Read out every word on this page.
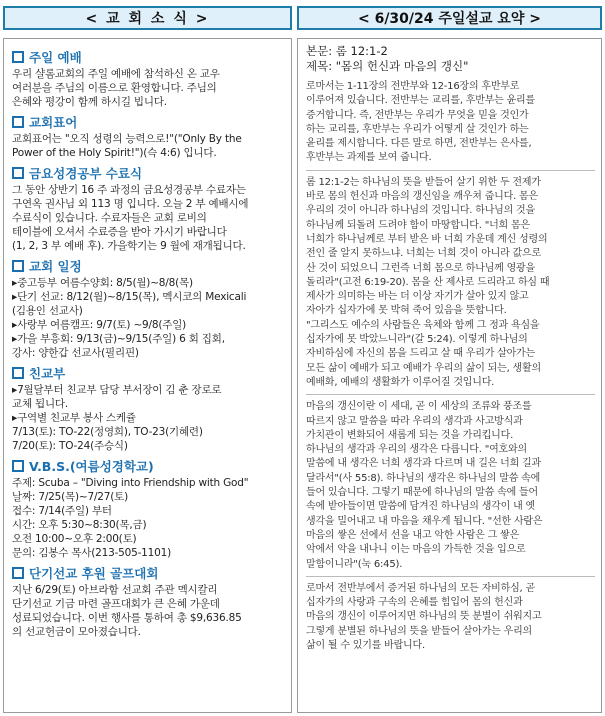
< 교 회 소 식 >	< 6/30/24 주일설교 요약 >
주일 예배
우리 샬롬교회의 주일 예배에 참석하신 온 교우
여러분을 주님의 이름으로 환영합니다. 주님의
은혜와 평강이 함께 하시길 빕니다.
교회표어
교회표어는 "오직 성령의 능력으로!"("Only By the
Power of the Holy Spirit!")(슥 4:6) 입니다.
금요성경공부 수료식
그 동안 상반기 16 주 과정의 금요성경공부 수료자는
구연옥 권사님 외 113 명 입니다. 오늘 2 부 예배시에
수료식이 있습니다. 수료자들은 교회 로비의
테이블에 오셔서 수료증을 받아 가시기 바랍니다
(1, 2, 3 부 예배 후). 가을학기는 9 월에 재개됩니다.
교회 일정
▸중고등부 여름수양회: 8/5(월)~8/8(목)
▸단기 선교: 8/12(월)~8/15(목), 멕시코의 Mexicali
(김용인 선교사)
▸사랑부 여름캠프: 9/7(토) ~9/8(주일)
▸가을 부흥회: 9/13(금)~9/15(주일) 6 회 집회,
강사: 양한갑 선교사(필리핀)
친교부
▸7월달부터 친교부 담당 부서장이 김 춘 장로로
교체 됩니다.
▸구역별 친교부 봉사 스케쥴
7/13(토): TO-22(정영희), TO-23(기혜련)
7/20(토): TO-24(주승식)
V.B.S.(여름성경학교)
주제: Scuba – "Diving into Friendship with God"
날짜: 7/25(목)~7/27(토)
접수: 7/14(주일) 부터
시간: 오후 5:30~8:30(목,금)
오전 10:00~오후 2:00(토)
문의: 김봉수 목사(213-505-1101)
단기선교 후원 골프대회
지난 6/29(토) 아브라함 선교회 주관 멕시칼리
단기선교 기금 마련 골프대회가 큰 은혜 가운데
성료되었습니다. 이번 행사를 통하여 총 $9,636.85
의 선교헌금이 모아졌습니다.
본문: 롬 12:1-2
제목: "몸의 헌신과 마음의 갱신"
로마서는 1-11장의 전반부와 12-16장의 후반부로
이루어져 있습니다. 전반부는 교리를, 후반부는 윤리를
증거합니다. 즉, 전반부는 우리가 무엇을 믿을 것인가
하는 교리를, 후반부는 우리가 어떻게 살 것인가 하는
윤리를 제시합니다. 다른 말로 하면, 전반부는 은사를,
후반부는 과제를 보여 줍니다.
롬 12:1-2는 하나님의 뜻을 받들어 살기 위한 두 전제가
바로 몸의 헌신과 마음의 갱신임을 깨우쳐 줍니다. 몸은
우리의 것이 아니라 하나님의 것입니다. 하나님의 것을
하나님께 되돌려 드려야 함이 마땅합니다. "너희 몸은
너희가 하나님께로 부터 받은 바 너희 가운데 계신 성령의
전인 줄 알지 못하느냐. 너희는 너희 것이 아니라 값으로
산 것이 되었으니 그런즉 너희 몸으로 하나님께 영광을
돌리라"(고전 6:19-20). 몸을 산 제사로 드리라고 하심 때
제사가 의미하는 바는 더 이상 자기가 살아 있지 않고
자아가 십자가에 못 박혀 죽어 있음을 뜻합니다.
"그리스도 예수의 사람들은 육체와 함께 그 정과 욕심을
십자가에 못 박았느니라"(갈 5:24). 이렇게 하나님의
자비하심에 자신의 몸을 드리고 살 때 우리가 살아가는
모든 삶이 예배가 되고 예배가 우리의 삶이 되는, 생활의
예배화, 예배의 생활화가 이루어질 것입니다.
마음의 갱신이란 이 세대, 곧 이 세상의 조류와 풍조를
따르지 않고 말씀을 따라 우리의 생각과 사고방식과
가치관이 변화되어 새롭게 되는 것을 가리킵니다.
하나님의 생각과 우리의 생각은 다릅니다. "여호와의
말씀에 내 생각은 너희 생각과 다르며 내 길은 너희 길과
달라서"(사 55:8). 하나님의 생각은 하나님의 말씀 속에
들어 있습니다. 그렇기 때문에 하나님의 말씀 속에 들어
속에 받아들이면 말씀에 담겨진 하나님의 생각이 내 옛
생각을 밀어내고 내 마음을 채우게 됩니다. "선한 사람은
마음의 쌓은 선에서 선을 내고 악한 사람은 그 쌓은
악에서 악을 내나니 이는 마음의 가득한 것을 입으로
말함이니라"(눅 6:45).
로마서 전반부에서 증거된 하나님의 모든 자비하심, 곧
십자가의 사랑과 구속의 은혜를 힘입어 몸의 헌신과
마음의 갱신이 이루어지면 하나님의 뜻 분별이 쉬워지고
그렇게 분별된 하나님의 뜻을 받들어 살아가는 우리의
삶이 될 수 있기를 바랍니다.
